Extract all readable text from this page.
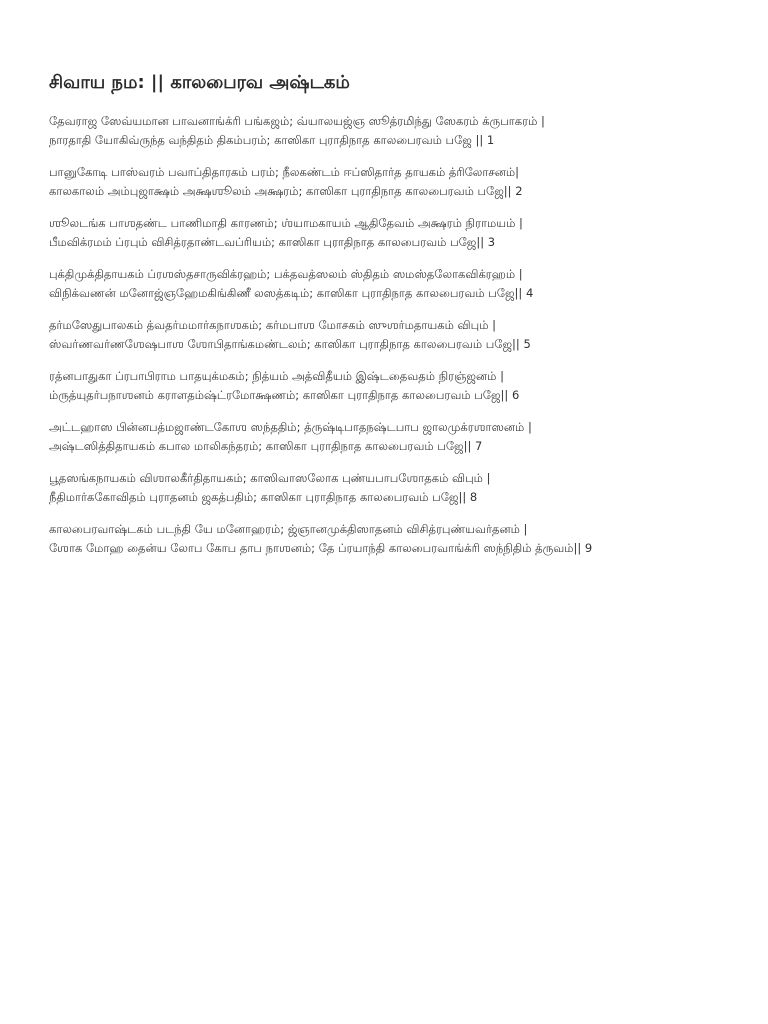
சிவாய நம: || காலபைரவ அஷ்டகம்
தேவராஜ ஸேவ்யமான பாவனாங்க்ரி பங்கஜம்; வ்யாலயஜ்ஞ ஸூத்ரமிந்து ஸேகரம் க்ருபாகரம் |
நாரதாதி யோகிவ்ருந்த வந்திதம் திகம்பரம்; காஸிகா புராதிநாத காலபைரவம் பஜே || 1
பானுகோடி பாஸ்வரம் பவாப்திதாரகம் பரம்; நீலகண்டம் ஈப்ஸிதார்த தாயகம் த்ரிலோசனம்|
காலகாலம் அம்புஜாக்ஷம் அக்ஷஶூலம் அக்ஷரம்; காஸிகா புராதிநாத காலபைரவம் பஜே|| 2
ஶூலடங்க பாஶதண்ட பாணிமாதி காரணம்; ஶ்யாமகாயம் ஆதிதேவம் அக்ஷரம் நிராமயம் |
பீமவிக்ரமம் ப்ரபும் விசித்ரதாண்டவப்ரியம்; காஸிகா புராதிநாத காலபைரவம் பஜே|| 3
புக்திமுக்திதாயகம் ப்ரஶஸ்தசாருவிக்ரஹம்; பக்தவத்ஸலம் ஸ்திதம் ஸமஸ்தலோகவிக்ரஹம் |
விநிக்வணன் மனோஜ்ஞஹேமகிங்கிணீ லஸத்கடிம்; காஸிகா புராதிநாத காலபைரவம் பஜே|| 4
தர்மஸேதுபாலகம் த்வதர்மமார்கநாஶகம்; கர்மபாஶ மோசகம் ஸுஶர்மதாயகம் விபும் |
ஸ்வர்ணவர்ணஶேஷபாஶ ஶோபிதாங்கமண்டலம்; காஸிகா புராதிநாத காலபைரவம் பஜே|| 5
ரத்னபாதுகா ப்ரபாபிராம பாதயுக்மகம்; நித்யம் அத்விதீயம் இஷ்டதைவதம் நிரஞ்ஜனம் |
ம்ருத்யுதர்பநாஶனம் கராளதம்ஷ்ட்ரமோக்ஷணம்; காஸிகா புராதிநாத காலபைரவம் பஜே|| 6
அட்டஹாஸ பின்னபத்மஜாண்டகோஶ ஸந்ததிம்; த்ருஷ்டிபாதநஷ்டபாப ஜாலமுக்ரஶாஸனம் |
அஷ்டஸித்திதாயகம் கபால மாலிகந்தரம்; காஸிகா புராதிநாத காலபைரவம் பஜே|| 7
பூதஸங்கநாயகம் விஶாலகீர்திதாயகம்; காஸிவாஸலோக புண்யபாபஶோதகம் விபும் |
நீதிமார்ககோவிதம் புராதனம் ஜகத்பதிம்; காஸிகா புராதிநாத காலபைரவம் பஜே|| 8
காலபைரவாஷ்டகம் படந்தி யே மனோஹரம்; ஜ்ஞானமுக்திஸாதனம் விசித்ரபுண்யவர்தனம் |
ஶோக மோஹ தைன்ய லோப கோப தாப நாஶனம்; தே ப்ரயாந்தி காலபைரவாங்க்ரி ஸந்நிதிம் த்ருவம்|| 9
